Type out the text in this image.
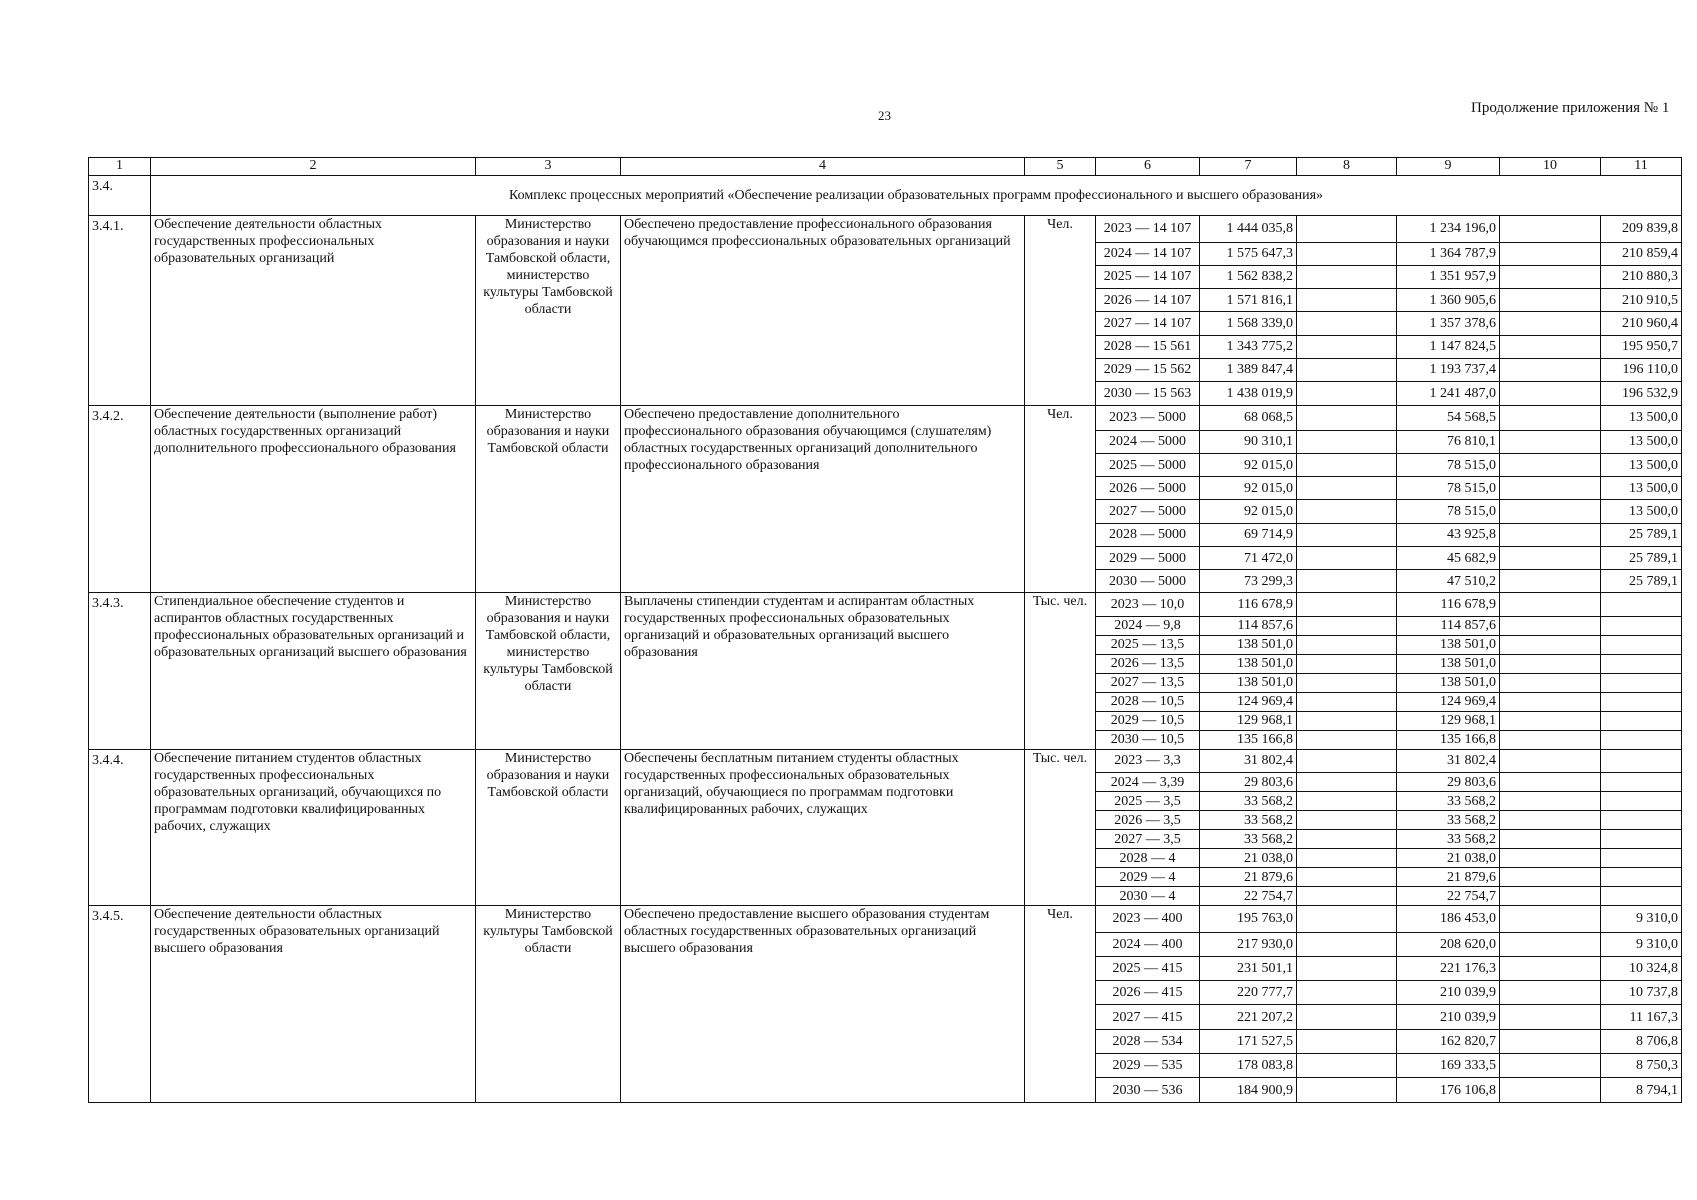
23	Продолжение приложения № 1
1	2	3	4	5	6	7	8	9	10	11
3.4.	Комплекс процессных мероприятий «Обеспечение реализации образовательных программ профессионального и высшего образования»									
3.4.1.	Обеспечение деятельности областных государственных профессиональных образовательных организаций	Министерство образования и науки Тамбовской области, министерство культуры Тамбовской области	Обеспечено предоставление профессионального образования обучающимся профессиональных образовательных организаций	Чел.	2023 — 14 107	1 444 035,8		1 234 196,0		209 839,8
					2024 — 14 107	1 575 647,3		1 364 787,9		210 859,4
					2025 — 14 107	1 562 838,2		1 351 957,9		210 880,3
					2026 — 14 107	1 571 816,1		1 360 905,6		210 910,5
					2027 — 14 107	1 568 339,0		1 357 378,6		210 960,4
					2028 — 15 561	1 343 775,2		1 147 824,5		195 950,7
					2029 — 15 562	1 389 847,4		1 193 737,4		196 110,0
					2030 — 15 563	1 438 019,9		1 241 487,0		196 532,9
3.4.2.	Обеспечение деятельности (выполнение работ) областных государственных организаций дополнительного профессионального образования	Министерство образования и науки Тамбовской области	Обеспечено предоставление дополнительного профессионального образования обучающимся (слушателям) областных государственных организаций дополнительного профессионального образования	Чел.	2023 — 5000	68 068,5		54 568,5		13 500,0
					2024 — 5000	90 310,1		76 810,1		13 500,0
					2025 — 5000	92 015,0		78 515,0		13 500,0
					2026 — 5000	92 015,0		78 515,0		13 500,0
					2027 — 5000	92 015,0		78 515,0		13 500,0
					2028 — 5000	69 714,9		43 925,8		25 789,1
					2029 — 5000	71 472,0		45 682,9		25 789,1
					2030 — 5000	73 299,3		47 510,2		25 789,1
3.4.3.	Стипендиальное обеспечение студентов и аспирантов областных государственных профессиональных образовательных организаций и образовательных организаций высшего образования	Министерство образования и науки Тамбовской области, министерство культуры Тамбовской области	Выплачены стипендии студентам и аспирантам областных государственных профессиональных образовательных организаций и образовательных организаций высшего образования	Тыс. чел.	2023 — 10,0	116 678,9		116 678,9		
					2024 — 9,8	114 857,6		114 857,6		
					2025 — 13,5	138 501,0		138 501,0		
					2026 — 13,5	138 501,0		138 501,0		
					2027 — 13,5	138 501,0		138 501,0		
					2028 — 10,5	124 969,4		124 969,4		
					2029 — 10,5	129 968,1		129 968,1		
					2030 — 10,5	135 166,8		135 166,8		
3.4.4.	Обеспечение питанием студентов областных государственных профессиональных образовательных организаций, обучающихся по программам подготовки квалифицированных рабочих, служащих	Министерство образования и науки Тамбовской области	Обеспечены бесплатным питанием студенты областных государственных профессиональных образовательных организаций, обучающиеся по программам подготовки квалифицированных рабочих, служащих	Тыс. чел.	2023 — 3,3	31 802,4		31 802,4		
					2024 — 3,39	29 803,6		29 803,6		
					2025 — 3,5	33 568,2		33 568,2		
					2026 — 3,5	33 568,2		33 568,2		
					2027 — 3,5	33 568,2		33 568,2		
					2028 — 4	21 038,0		21 038,0		
					2029 — 4	21 879,6		21 879,6		
					2030 — 4	22 754,7		22 754,7		
3.4.5.	Обеспечение деятельности областных государственных образовательных организаций высшего образования	Министерство культуры Тамбовской области	Обеспечено предоставление высшего образования студентам областных государственных образовательных организаций высшего образования	Чел.	2023 — 400	195 763,0		186 453,0		9 310,0
					2024 — 400	217 930,0		208 620,0		9 310,0
					2025 — 415	231 501,1		221 176,3		10 324,8
					2026 — 415	220 777,7		210 039,9		10 737,8
					2027 — 415	221 207,2		210 039,9		11 167,3
					2028 — 534	171 527,5		162 820,7		8 706,8
					2029 — 535	178 083,8		169 333,5		8 750,3
					2030 — 536	184 900,9		176 106,8		8 794,1
